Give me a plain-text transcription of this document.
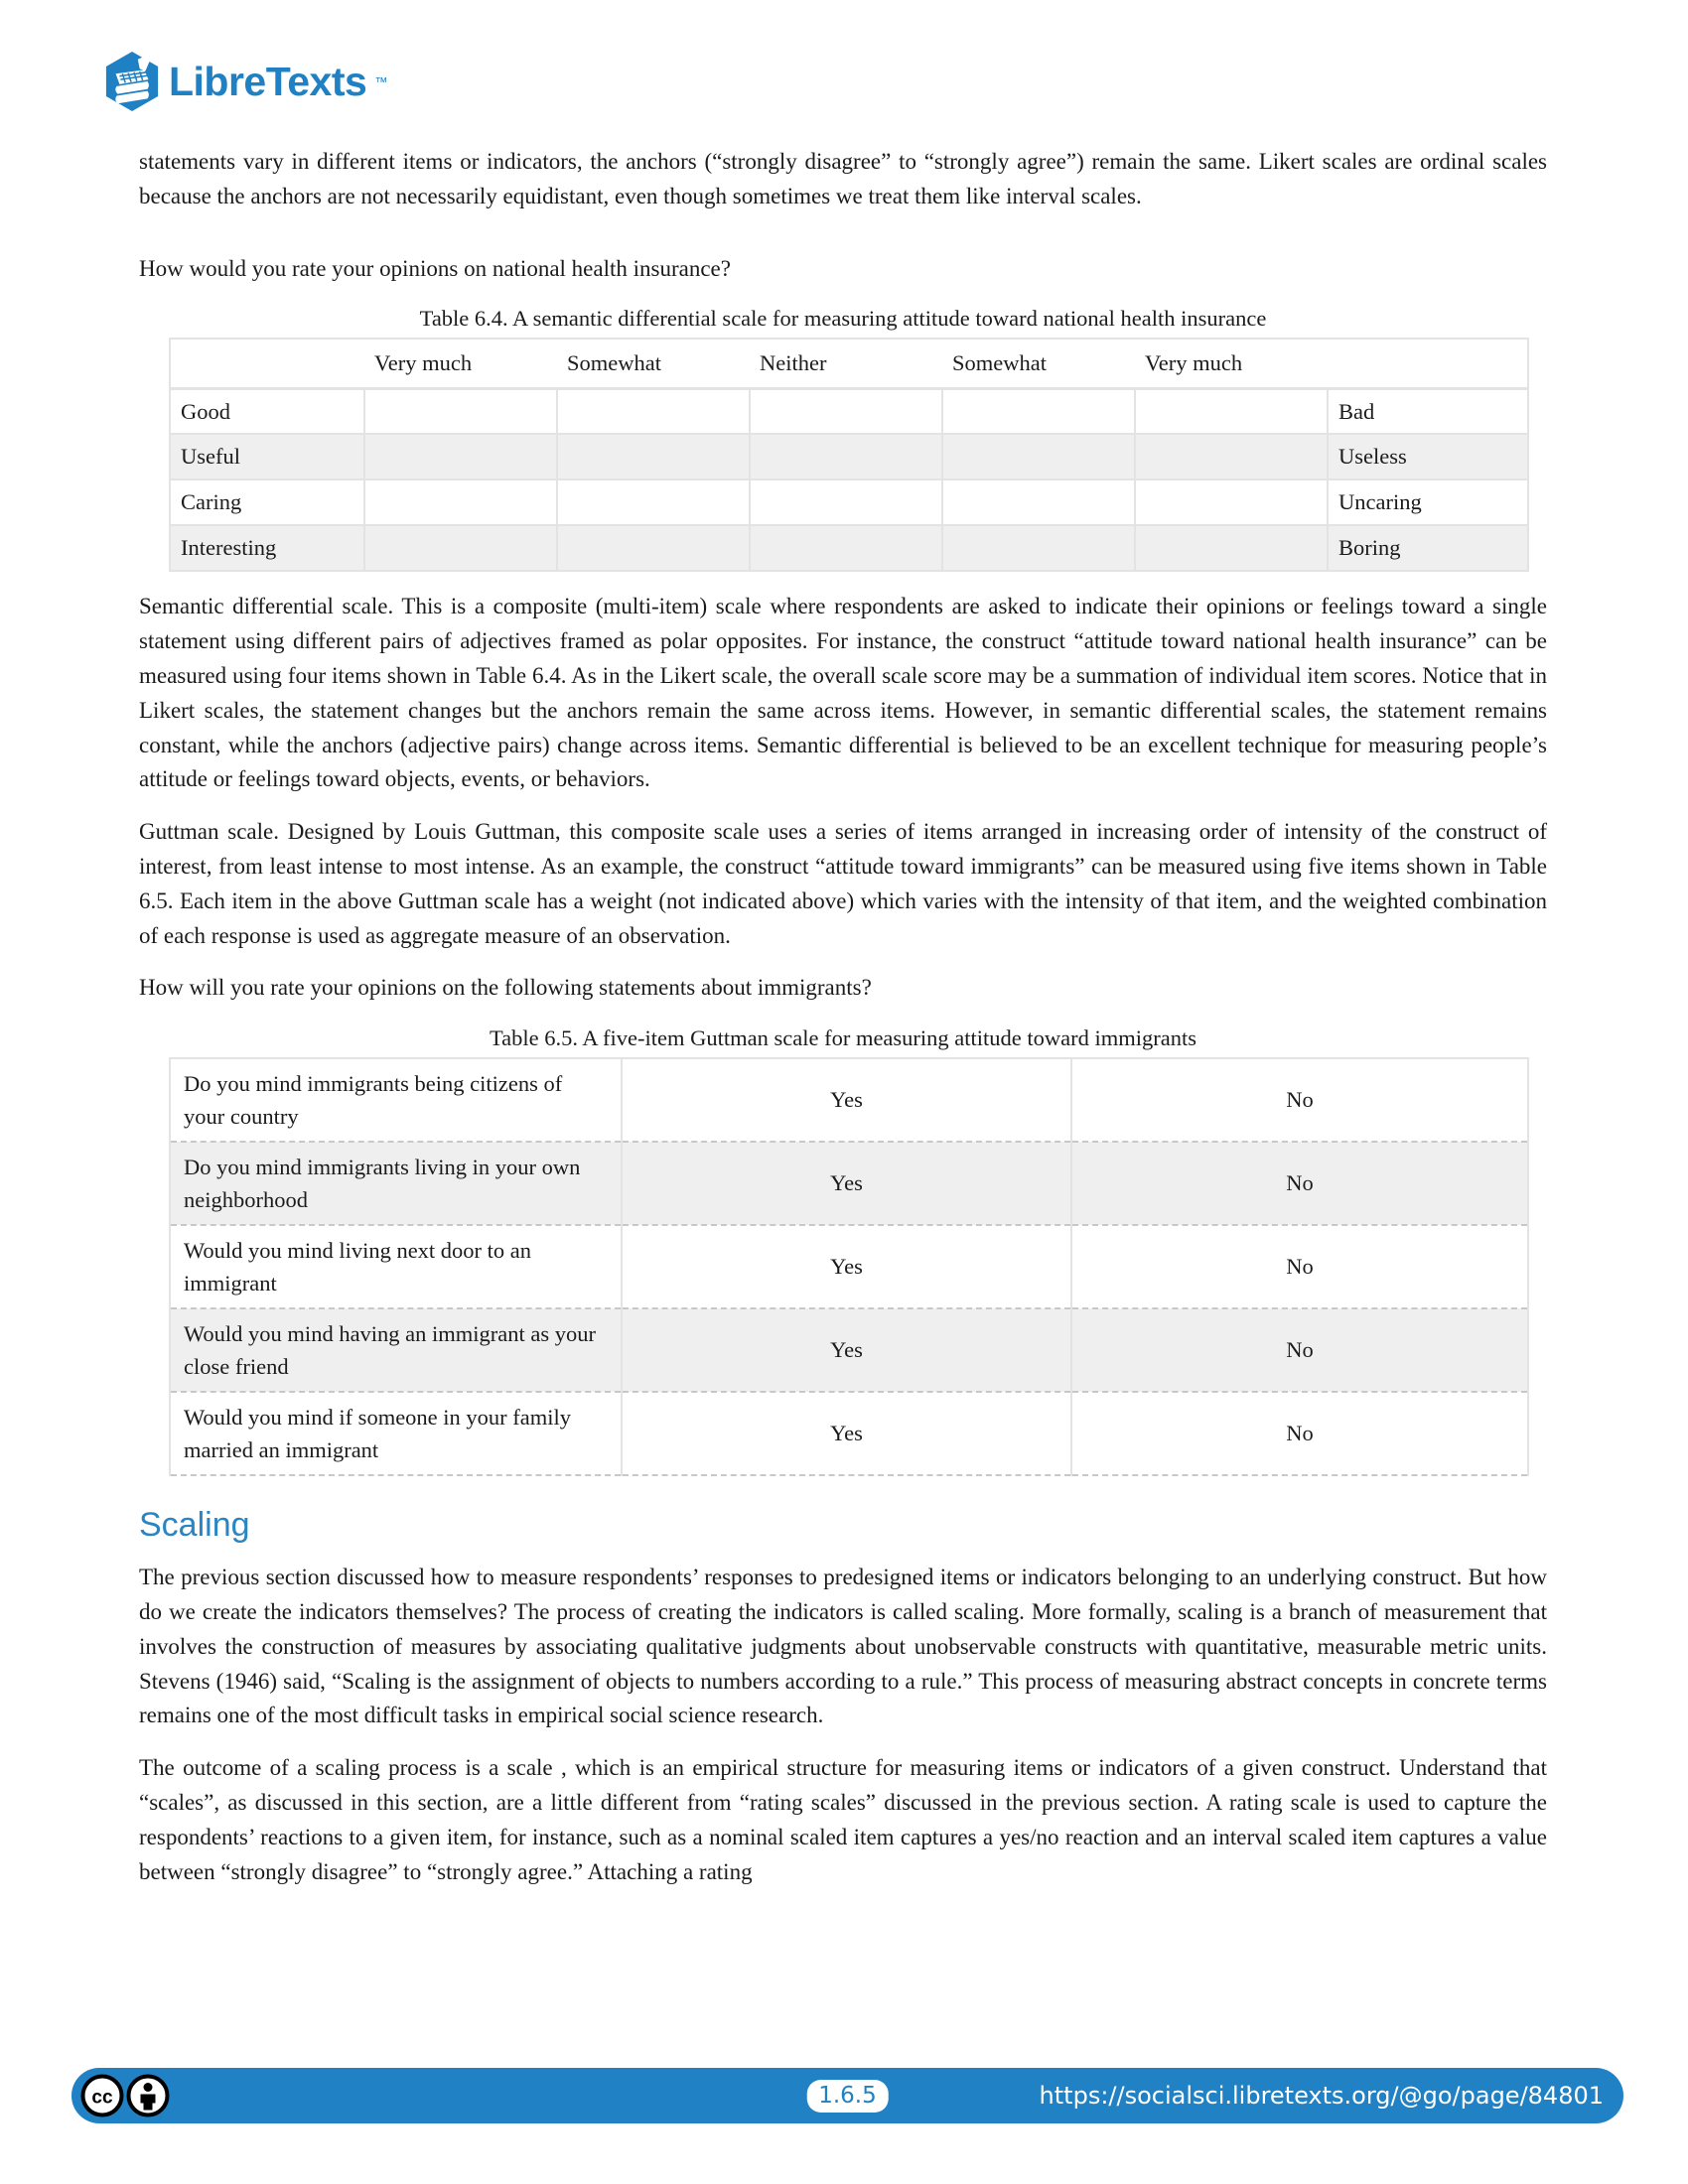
LibreTexts ™

statements vary in different items or indicators, the anchors (“strongly disagree” to “strongly agree”) remain the same. Likert scales are ordinal scales because the anchors are not necessarily equidistant, even though sometimes we treat them like interval scales.

How would you rate your opinions on national health insurance?

Table 6.4. A semantic differential scale for measuring attitude toward national health insurance
	Very much	Somewhat	Neither	Somewhat	Very much	
Good						Bad
Useful						Useless
Caring						Uncaring
Interesting						Boring

Semantic differential scale. This is a composite (multi-item) scale where respondents are asked to indicate their opinions or feelings toward a single statement using different pairs of adjectives framed as polar opposites. For instance, the construct “attitude toward national health insurance” can be measured using four items shown in Table 6.4. As in the Likert scale, the overall scale score may be a summation of individual item scores. Notice that in Likert scales, the statement changes but the anchors remain the same across items. However, in semantic differential scales, the statement remains constant, while the anchors (adjective pairs) change across items. Semantic differential is believed to be an excellent technique for measuring people’s attitude or feelings toward objects, events, or behaviors.

Guttman scale. Designed by Louis Guttman, this composite scale uses a series of items arranged in increasing order of intensity of the construct of interest, from least intense to most intense. As an example, the construct “attitude toward immigrants” can be measured using five items shown in Table 6.5. Each item in the above Guttman scale has a weight (not indicated above) which varies with the intensity of that item, and the weighted combination of each response is used as aggregate measure of an observation.

How will you rate your opinions on the following statements about immigrants?

Table 6.5. A five-item Guttman scale for measuring attitude toward immigrants
Do you mind immigrants being citizens of your country	Yes	No
Do you mind immigrants living in your own neighborhood	Yes	No
Would you mind living next door to an immigrant	Yes	No
Would you mind having an immigrant as your close friend	Yes	No
Would you mind if someone in your family married an immigrant	Yes	No
Scaling

The previous section discussed how to measure respondents’ responses to predesigned items or indicators belonging to an underlying construct. But how do we create the indicators themselves? The process of creating the indicators is called scaling. More formally, scaling is a branch of measurement that involves the construction of measures by associating qualitative judgments about unobservable constructs with quantitative, measurable metric units. Stevens (1946) said, “Scaling is the assignment of objects to numbers according to a rule.” This process of measuring abstract concepts in concrete terms remains one of the most difficult tasks in empirical social science research.

The outcome of a scaling process is a scale , which is an empirical structure for measuring items or indicators of a given construct. Understand that “scales”, as discussed in this section, are a little different from “rating scales” discussed in the previous section. A rating scale is used to capture the respondents’ reactions to a given item, for instance, such as a nominal scaled item captures a yes/no reaction and an interval scaled item captures a value between “strongly disagree” to “strongly agree.” Attaching a rating

cc	1.6.5	https://socialsci.libretexts.org/@go/page/84801
